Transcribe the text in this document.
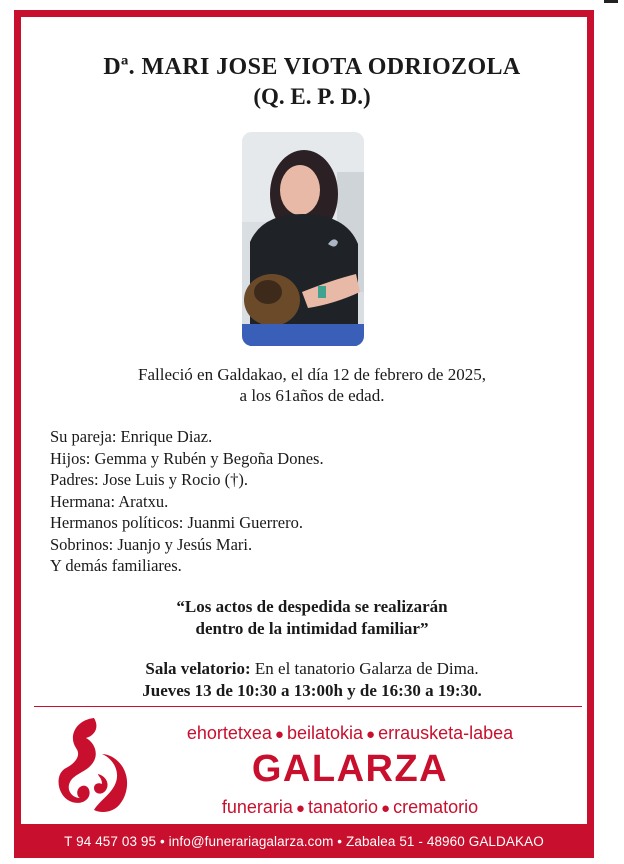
Dª. MARI JOSE VIOTA ODRIOZOLA
(Q. E. P. D.)
Falleció en Galdakao, el día 12 de febrero de 2025,
a los 61años de edad.
Su pareja: Enrique Diaz.
Hijos: Gemma y Rubén y Begoña Dones.
Padres: Jose Luis y Rocio (†).
Hermana: Aratxu.
Hermanos políticos: Juanmi Guerrero.
Sobrinos: Juanjo y Jesús Mari.
Y demás familiares.
“Los actos de despedida se realizarán
dentro de la intimidad familiar”
Sala velatorio: En el tanatorio Galarza de Dima.
Jueves 13 de 10:30 a 13:00h y de 16:30 a 19:30.
ehortetxea ● beilatokia ● errausketa-labea
GALARZA
funeraria ● tanatorio ● crematorio
T 94 457 03 95 • info@funerariagalarza.com • Zabalea 51 - 48960 GALDAKAO
